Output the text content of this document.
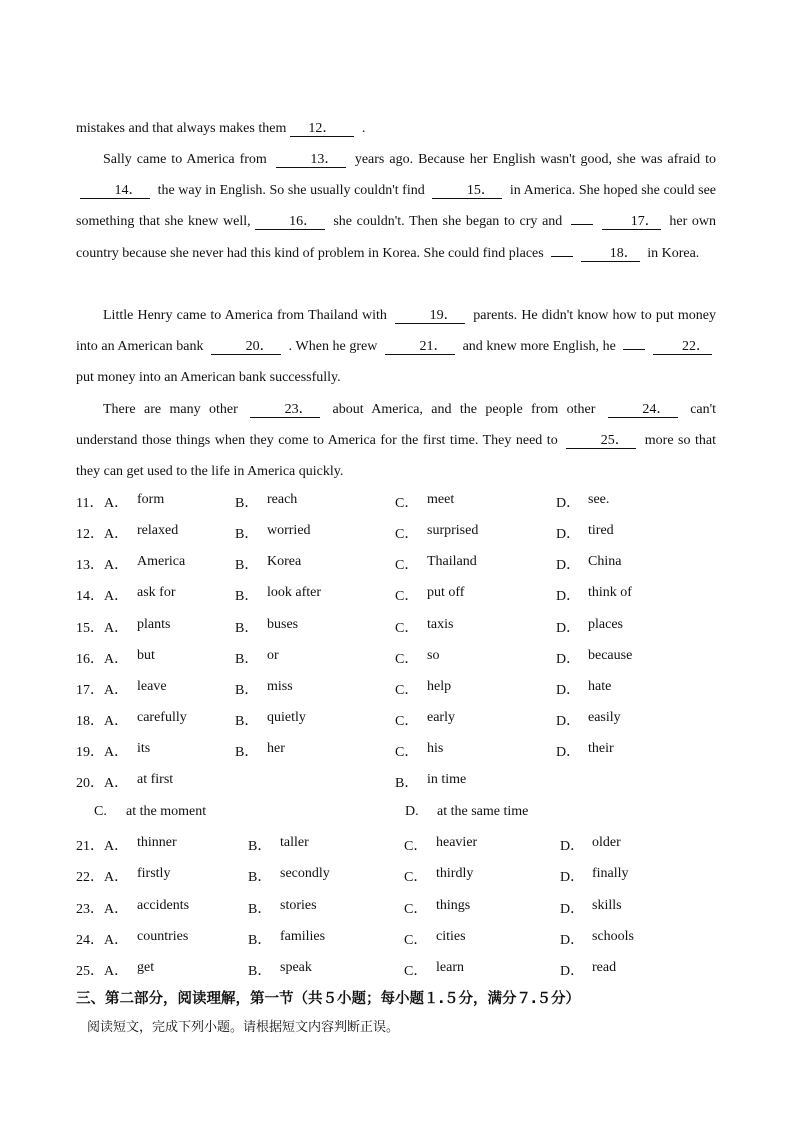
mistakes and that always makes them 12． .
Sally came to America from	13． years ago. Because her English wasn't good, she was afraid to 14． the way in English. So she usually couldn't find	15． in America. She hoped she could see something that she knew well,	16． she couldn't. Then she began to cry and	17． her own country because she never had this kind of problem in Korea. She could find places	18． in Korea.
Little Henry came to America from Thailand with	19． parents. He didn't know how to put money into an American bank	20． . When he grew	21． and knew more English, he	22． put money into an American bank successfully.
There are many other	23． about America, and the people from other	24． can't understand those things when they come to America for the first time. They need to	25． more so that they can get used to the life in America quickly.
11． A． form	B． reach	C． meet	D． see.
12． A． relaxed	B． worried	C． surprised	D． tired
13． A． America	B． Korea	C． Thailand	D． China
14． A． ask for	B． look after	C． put off	D． think of
15． A． plants	B． buses	C． taxis	D． places
16． A． but	B． or	C． so	D． because
17． A． leave	B． miss	C． help	D． hate
18． A． carefully	B． quietly	C． early	D． easily
19． A． its	B． her	C． his	D． their
20． A． at first	B． in time
C. at the moment	D. at the same time
21． A． thinner	B． taller	C． heavier	D． older
22． A． firstly	B． secondly	C． thirdly	D． finally
23． A． accidents	B． stories	C． things	D． skills
24． A． countries	B． families	C． cities	D． schools
25． A． get	B． speak	C． learn	D． read
三、第二部分，阅读理解，第一节（共５小题；每小题１.５分，满分７.５分）
阅读短文，完成下列小题。请根据短文内容判断正误。
